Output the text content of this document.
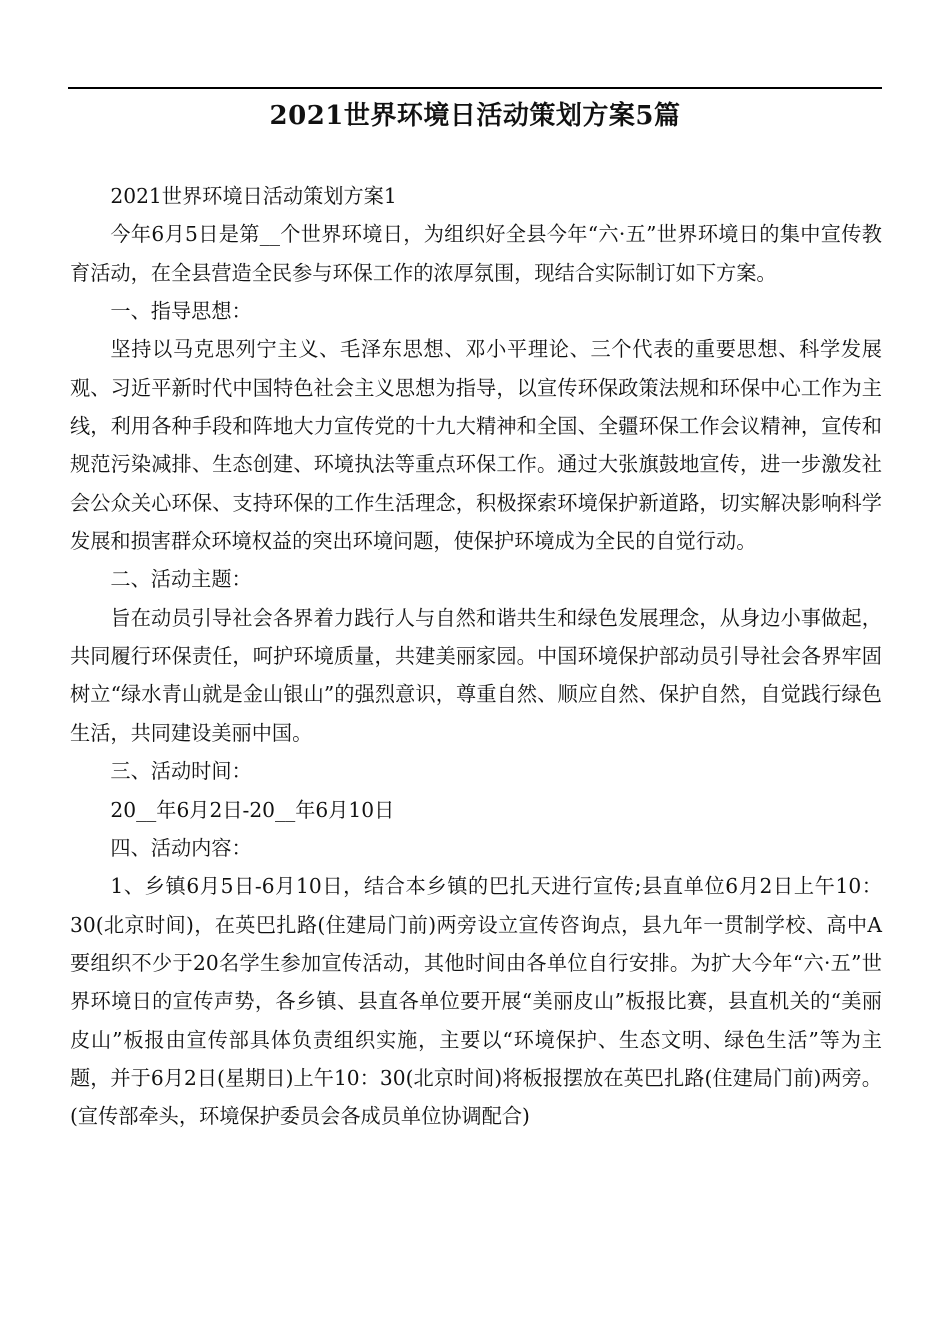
2021世界环境日活动策划方案5篇

2021世界环境日活动策划方案1

今年6月5日是第__个世界环境日，为组织好全县今年“六·五”世界环境日的集中宣传教育活动，在全县营造全民参与环保工作的浓厚氛围，现结合实际制订如下方案。

一、指导思想：

坚持以马克思列宁主义、毛泽东思想、邓小平理论、三个代表的重要思想、科学发展观、习近平新时代中国特色社会主义思想为指导，以宣传环保政策法规和环保中心工作为主线，利用各种手段和阵地大力宣传党的十九大精神和全国、全疆环保工作会议精神，宣传和规范污染减排、生态创建、环境执法等重点环保工作。通过大张旗鼓地宣传，进一步激发社会公众关心环保、支持环保的工作生活理念，积极探索环境保护新道路，切实解决影响科学发展和损害群众环境权益的突出环境问题，使保护环境成为全民的自觉行动。

二、活动主题：

旨在动员引导社会各界着力践行人与自然和谐共生和绿色发展理念，从身边小事做起，共同履行环保责任，呵护环境质量，共建美丽家园。中国环境保护部动员引导社会各界牢固树立“绿水青山就是金山银山”的强烈意识，尊重自然、顺应自然、保护自然，自觉践行绿色生活，共同建设美丽中国。

三、活动时间：

20__年6月2日-20__年6月10日

四、活动内容：

1、乡镇6月5日-6月10日，结合本乡镇的巴扎天进行宣传;县直单位6月2日上午10：30(北京时间)，在英巴扎路(住建局门前)两旁设立宣传咨询点，县九年一贯制学校、高中A要组织不少于20名学生参加宣传活动，其他时间由各单位自行安排。为扩大今年“六·五”世界环境日的宣传声势，各乡镇、县直各单位要开展“美丽皮山”板报比赛，县直机关的“美丽皮山”板报由宣传部具体负责组织实施，主要以“环境保护、生态文明、绿色生活”等为主题，并于6月2日(星期日)上午10：30(北京时间)将板报摆放在英巴扎路(住建局门前)两旁。(宣传部牵头，环境保护委员会各成员单位协调配合)
